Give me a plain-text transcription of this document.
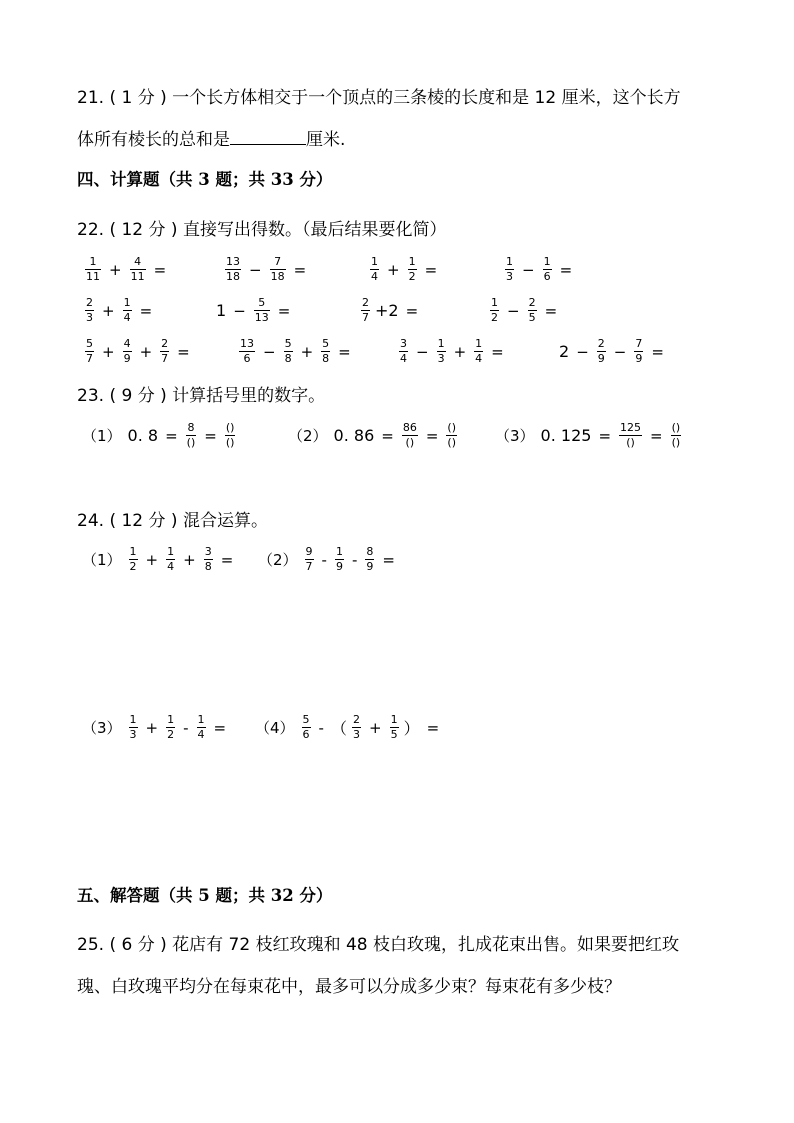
21. ( 1 分 ) 一个长方体相交于一个顶点的三条棱的长度和是 12 厘米，这个长方
体所有棱长的总和是	厘米.
四、计算题（共 3 题；共 33 分）
22. ( 12 分 ) 直接写出得数。（最后结果要化简）
1
11 + 4
11 =	13
18 − 7
18 =	1
4 + 1
2 =	1
3 − 1
6 =
2
3 + 1
4 =	1 − 5
13 =	2
7 +2 =	1
2 − 2
5 =
5
7 + 4
9 + 2
7 =	13
6 − 5
8 + 5
8 =	3
4 − 1
3 + 1
4 =	2 − 2
9 − 7
9 =
23. ( 9 分 ) 计算括号里的数字。
（1） 0. 8 = 8
() = ()
()	（2） 0. 86 = 86
() = ()
()	（3） 0. 125 = 125
() = ()
()
24. ( 12 分 ) 混合运算。
（1） 1
2 + 1
4 + 3
8 = （2） 9
7 - 1
9 - 8
9 =
（3） 1
3 + 1
2 - 1
4 = （4） 5
6 - （ 2
3 + 1
5 ） =
五、解答题（共 5 题；共 32 分）
25. ( 6 分 ) 花店有 72 枝红玫瑰和 48 枝白玫瑰，扎成花束出售。如果要把红玫
瑰、白玫瑰平均分在每束花中，最多可以分成多少束？每束花有多少枝？
